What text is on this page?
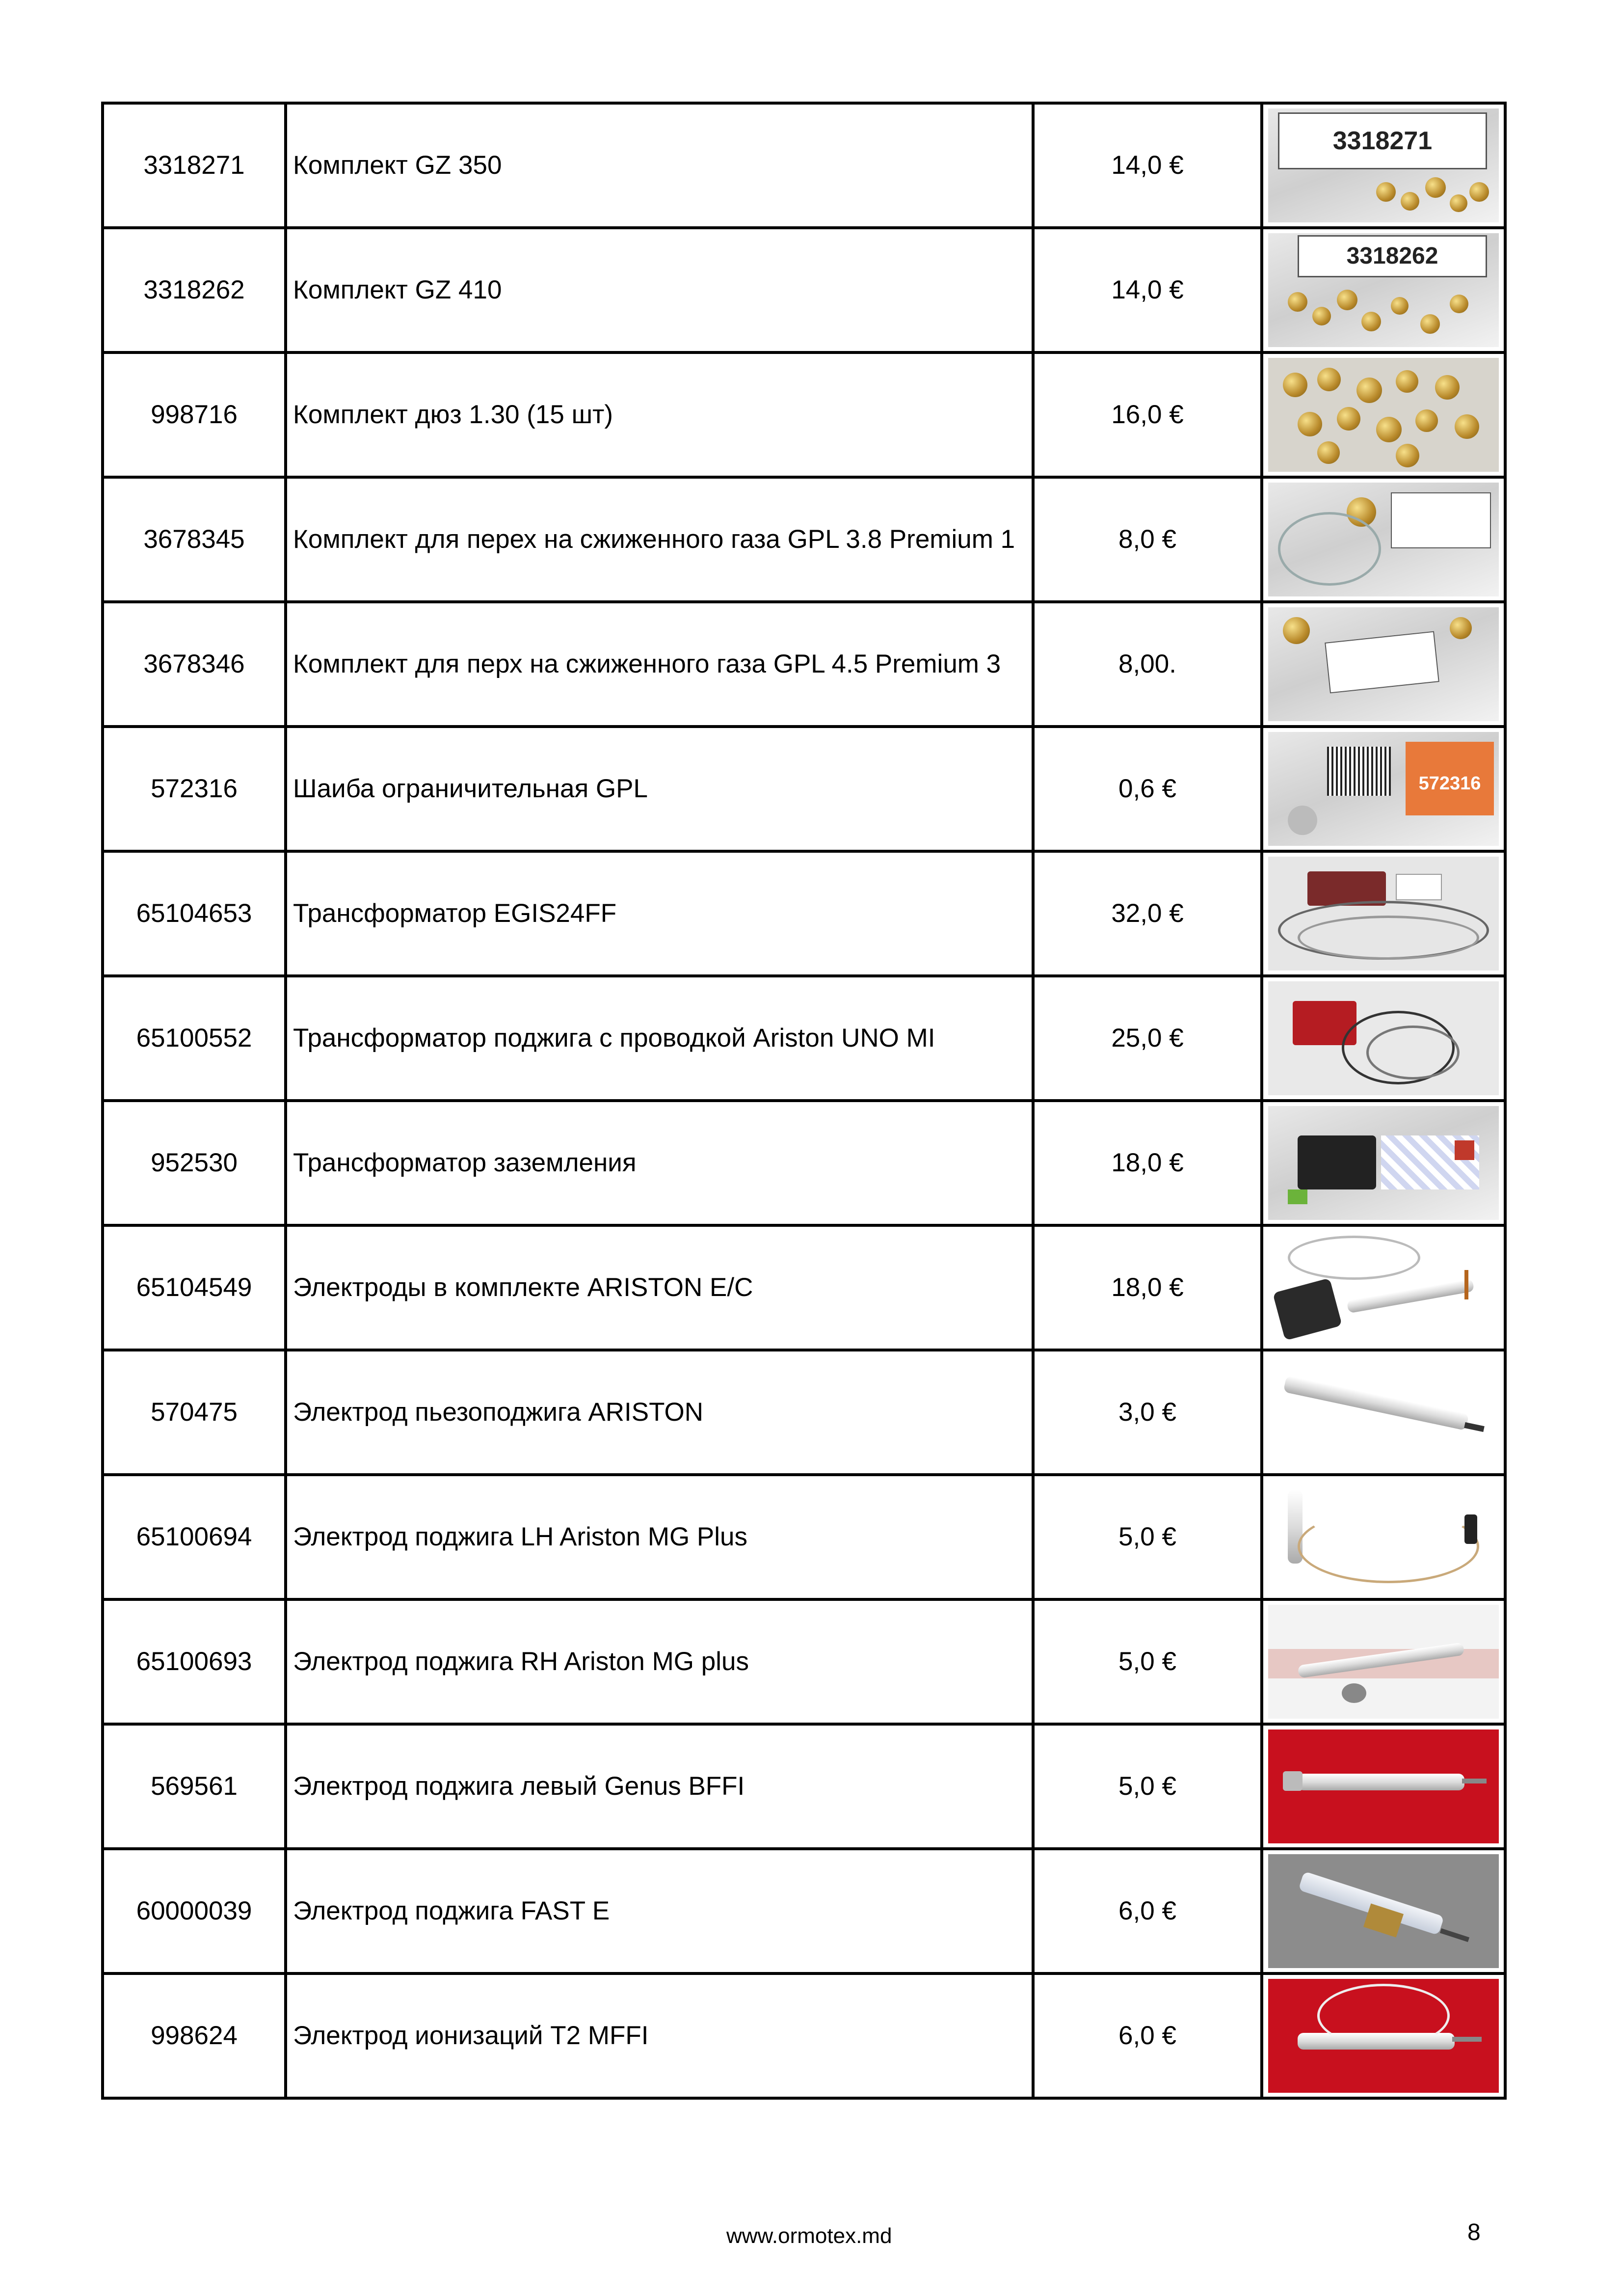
3318271	Комплект GZ 350	14,0 €	3318271

3318262	Комплект GZ 410	14,0 €	3318262

998716	Комплект дюз 1.30 (15 шт)	16,0 €	

3678345	Комплект для перех на сжиженного газа GPL 3.8 Premium 1	8,0 €	

3678346	Комплект для перх на сжиженного газа GPL 4.5 Premium 3	8,00.	

572316	Шаиба ограничительная GPL	0,6 €	572316

65104653	Трансформатор EGIS24FF	32,0 €	

65100552	Трансформатор поджига с проводкой Ariston UNO MI	25,0 €	

952530	Трансформатор заземления	18,0 €	

65104549	Электроды в комплекте ARISTON E/C	18,0 €	

570475	Электрод пьезоподжига ARISTON	3,0 €	

65100694	Электрод поджига LH Ariston MG Plus	5,0 €	

65100693	Электрод поджига RH Ariston MG plus	5,0 €	

569561	Электрод поджига левый Genus BFFI	5,0 €	

60000039	Электрод поджига FAST E	6,0 €	

998624	Электрод ионизаций T2 MFFI	6,0 €	
www.ormotex.md	8
